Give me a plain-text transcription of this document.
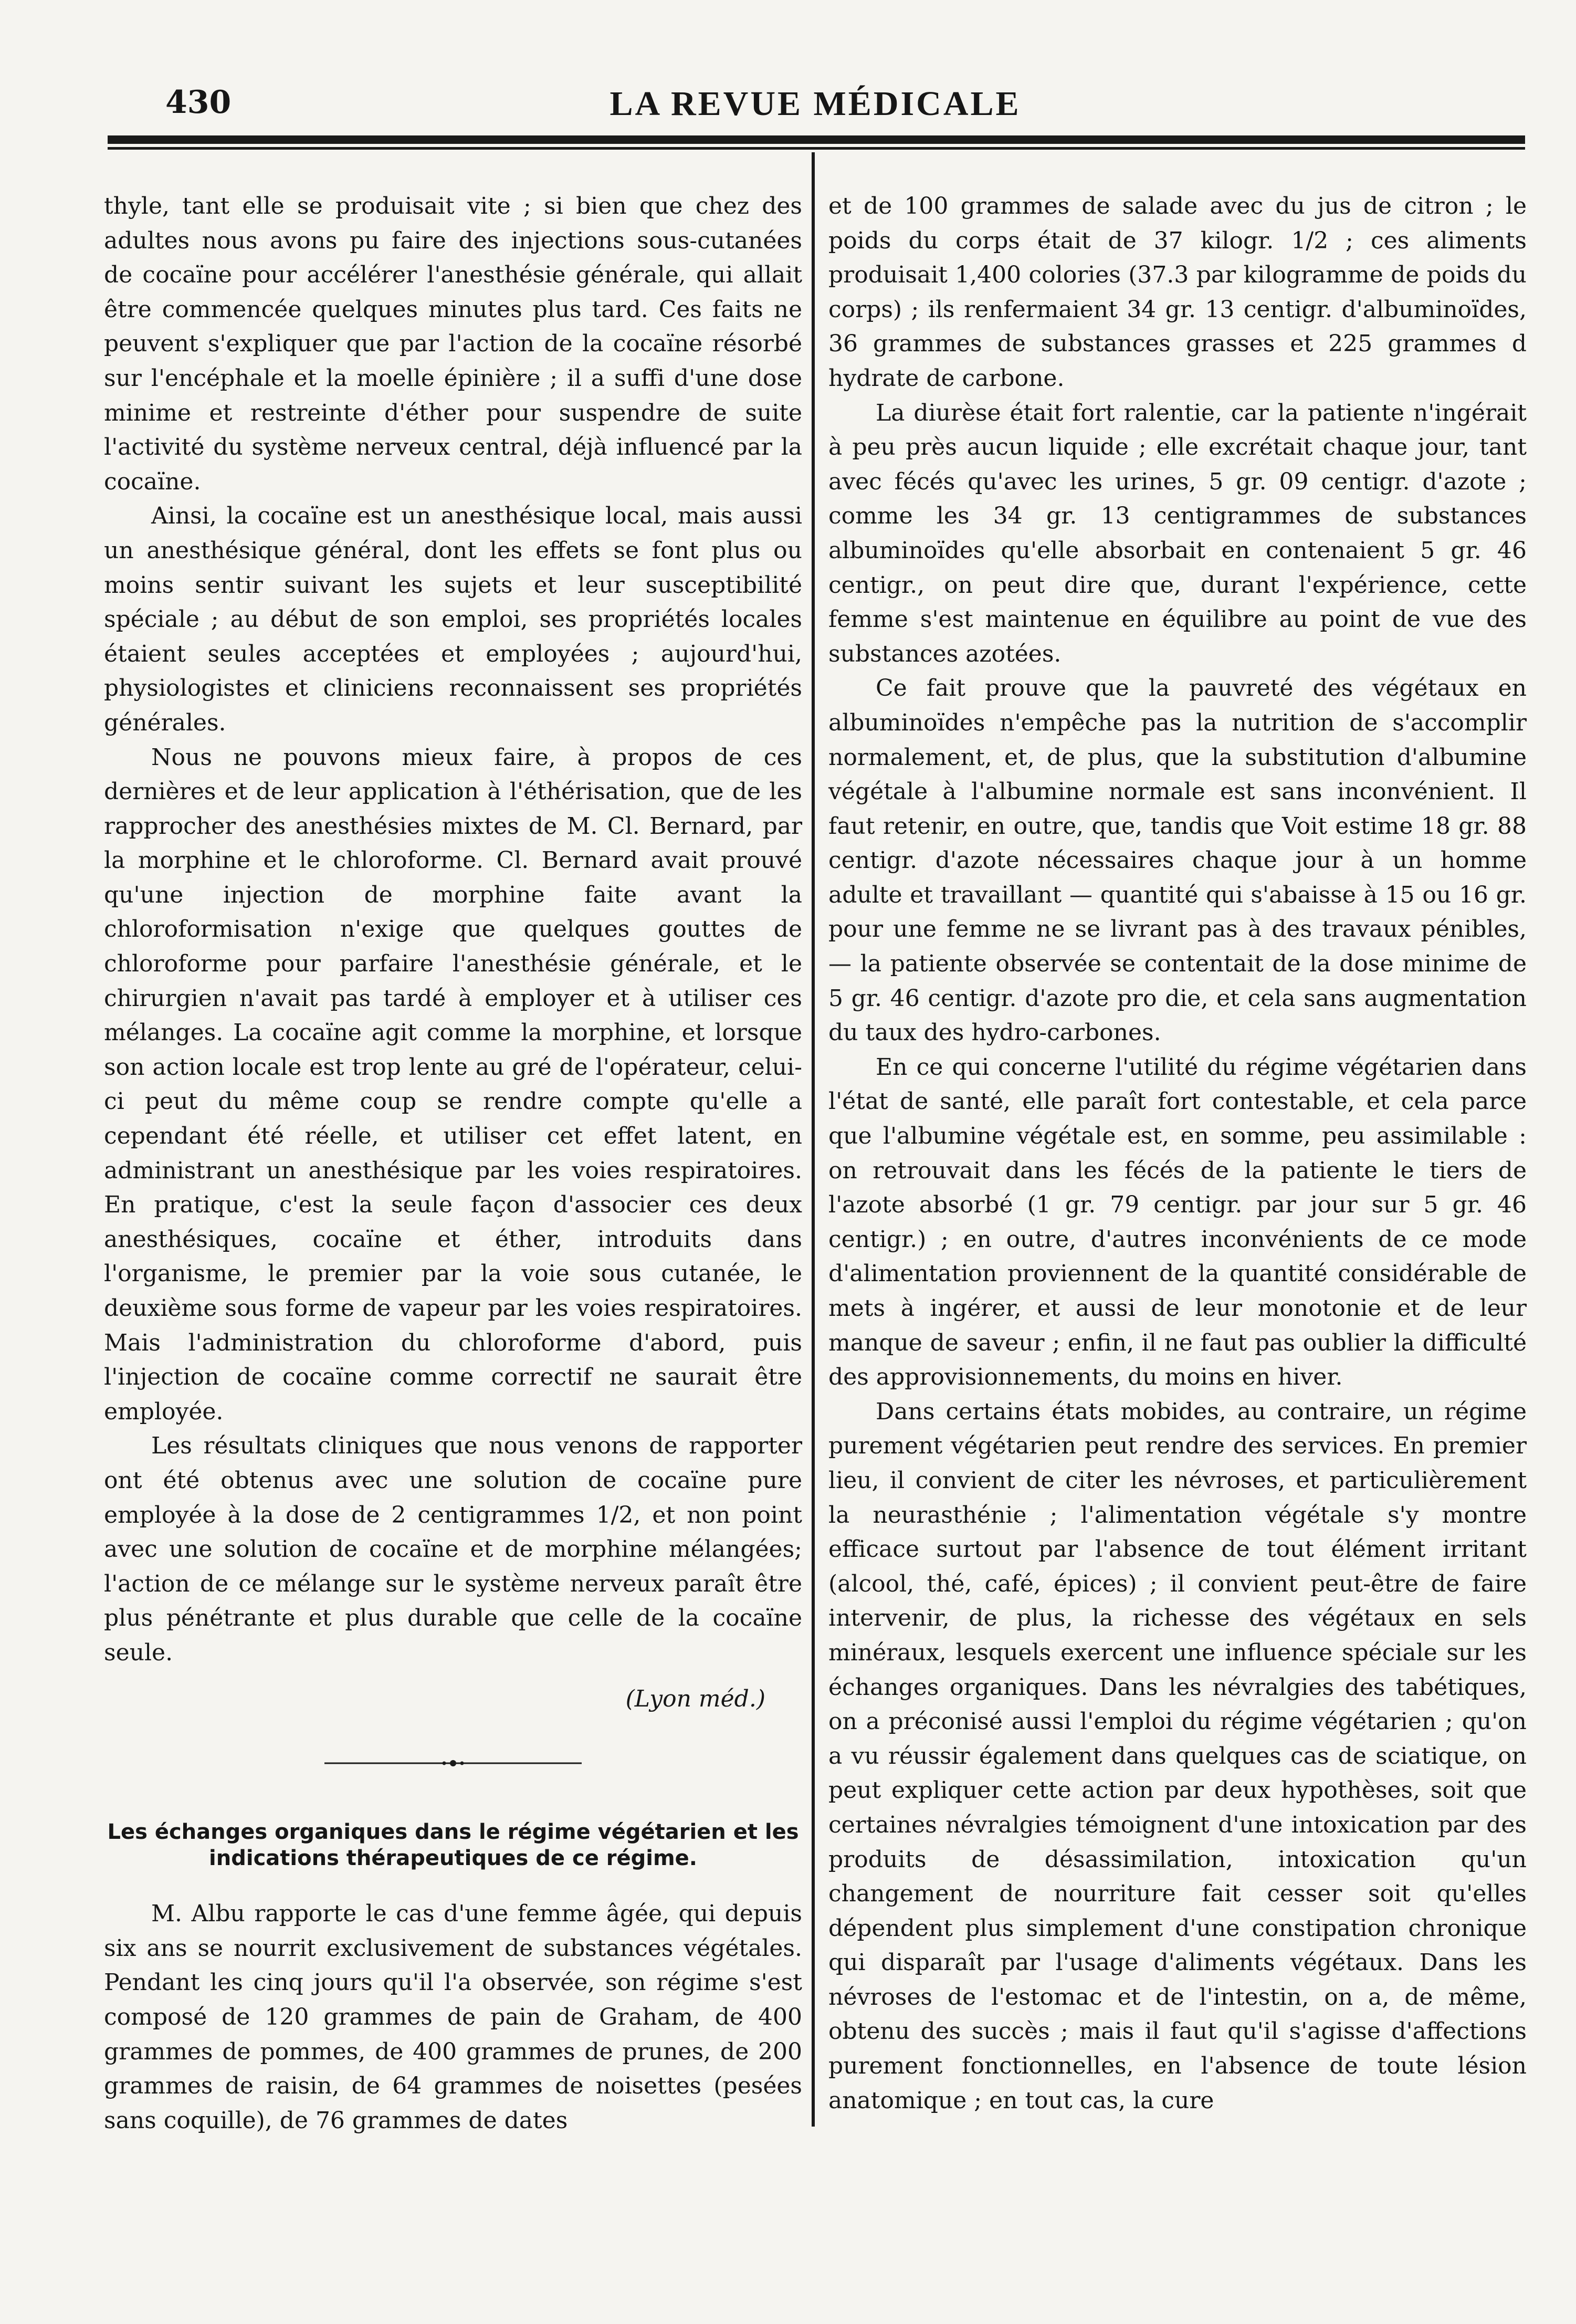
430	LA REVUE MÉDICALE

thyle, tant elle se produisait vite ; si bien que chez des adultes nous avons pu faire des injections sous-cutanées de cocaïne pour accélérer l'anesthésie générale, qui allait être commencée quelques minutes plus tard. Ces faits ne peuvent s'expliquer que par l'action de la cocaïne résorbé sur l'encéphale et la moelle épinière ; il a suffi d'une dose minime et restreinte d'éther pour suspendre de suite l'activité du système nerveux central, déjà influencé par la cocaïne.

Ainsi, la cocaïne est un anesthésique local, mais aussi un anesthésique général, dont les effets se font plus ou moins sentir suivant les sujets et leur susceptibilité spéciale ; au début de son emploi, ses propriétés locales étaient seules acceptées et employées ; aujourd'hui, physiologistes et cliniciens reconnaissent ses propriétés générales.

Nous ne pouvons mieux faire, à propos de ces dernières et de leur application à l'éthérisation, que de les rapprocher des anesthésies mixtes de M. Cl. Bernard, par la morphine et le chloroforme. Cl. Bernard avait prouvé qu'une injection de morphine faite avant la chloroformisation n'exige que quelques gouttes de chloroforme pour parfaire l'anesthésie générale, et le chirurgien n'avait pas tardé à employer et à utiliser ces mélanges. La cocaïne agit comme la morphine, et lorsque son action locale est trop lente au gré de l'opérateur, celui-ci peut du même coup se rendre compte qu'elle a cependant été réelle, et utiliser cet effet latent, en administrant un anesthésique par les voies respiratoires. En pratique, c'est la seule façon d'associer ces deux anesthésiques, cocaïne et éther, introduits dans l'organisme, le premier par la voie sous cutanée, le deuxième sous forme de vapeur par les voies respiratoires. Mais l'administration du chloroforme d'abord, puis l'injection de cocaïne comme correctif ne saurait être employée.

Les résultats cliniques que nous venons de rapporter ont été obtenus avec une solution de cocaïne pure employée à la dose de 2 centigrammes 1/2, et non point avec une solution de cocaïne et de morphine mélangées; l'action de ce mélange sur le système nerveux paraît être plus pénétrante et plus durable que celle de la cocaïne seule.

(Lyon méd.)
Les échanges organiques dans le régime végétarien et les indications thérapeutiques de ce régime.

M. Albu rapporte le cas d'une femme âgée, qui depuis six ans se nourrit exclusivement de substances végétales. Pendant les cinq jours qu'il l'a observée, son régime s'est composé de 120 grammes de pain de Graham, de 400 grammes de pommes, de 400 grammes de prunes, de 200 grammes de raisin, de 64 grammes de noisettes (pesées sans coquille), de 76 grammes de dates

et de 100 grammes de salade avec du jus de citron ; le poids du corps était de 37 kilogr. 1/2 ; ces aliments produisait 1,400 colories (37.3 par kilogramme de poids du corps) ; ils renfermaient 34 gr. 13 centigr. d'albuminoïdes, 36 grammes de substances grasses et 225 grammes d hydrate de carbone.

La diurèse était fort ralentie, car la patiente n'ingérait à peu près aucun liquide ; elle excrétait chaque jour, tant avec fécés qu'avec les urines, 5 gr. 09 centigr. d'azote ; comme les 34 gr. 13 centigrammes de substances albuminoïdes qu'elle absorbait en contenaient 5 gr. 46 centigr., on peut dire que, durant l'expérience, cette femme s'est maintenue en équilibre au point de vue des substances azotées.

Ce fait prouve que la pauvreté des végétaux en albuminoïdes n'empêche pas la nutrition de s'accomplir normalement, et, de plus, que la substitution d'albumine végétale à l'albumine normale est sans inconvénient. Il faut retenir, en outre, que, tandis que Voit estime 18 gr. 88 centigr. d'azote nécessaires chaque jour à un homme adulte et travaillant — quantité qui s'abaisse à 15 ou 16 gr. pour une femme ne se livrant pas à des travaux pénibles, — la patiente observée se contentait de la dose minime de 5 gr. 46 centigr. d'azote pro die, et cela sans augmentation du taux des hydro-carbones.

En ce qui concerne l'utilité du régime végétarien dans l'état de santé, elle paraît fort contestable, et cela parce que l'albumine végétale est, en somme, peu assimilable : on retrouvait dans les fécés de la patiente le tiers de l'azote absorbé (1 gr. 79 centigr. par jour sur 5 gr. 46 centigr.) ; en outre, d'autres inconvénients de ce mode d'alimentation proviennent de la quantité considérable de mets à ingérer, et aussi de leur monotonie et de leur manque de saveur ; enfin, il ne faut pas oublier la difficulté des approvisionnements, du moins en hiver.

Dans certains états mobides, au contraire, un régime purement végétarien peut rendre des services. En premier lieu, il convient de citer les névroses, et particulièrement la neurasthénie ; l'alimentation végétale s'y montre efficace surtout par l'absence de tout élément irritant (alcool, thé, café, épices) ; il convient peut-être de faire intervenir, de plus, la richesse des végétaux en sels minéraux, lesquels exercent une influence spéciale sur les échanges organiques. Dans les névralgies des tabétiques, on a préconisé aussi l'emploi du régime végétarien ; qu'on a vu réussir également dans quelques cas de sciatique, on peut expliquer cette action par deux hypothèses, soit que certaines névralgies témoignent d'une intoxication par des produits de désassimilation, intoxication qu'un changement de nourriture fait cesser soit qu'elles dépendent plus simplement d'une constipation chronique qui disparaît par l'usage d'aliments végétaux. Dans les névroses de l'estomac et de l'intestin, on a, de même, obtenu des succès ; mais il faut qu'il s'agisse d'affections purement fonctionnelles, en l'absence de toute lésion anatomique ; en tout cas, la cure
